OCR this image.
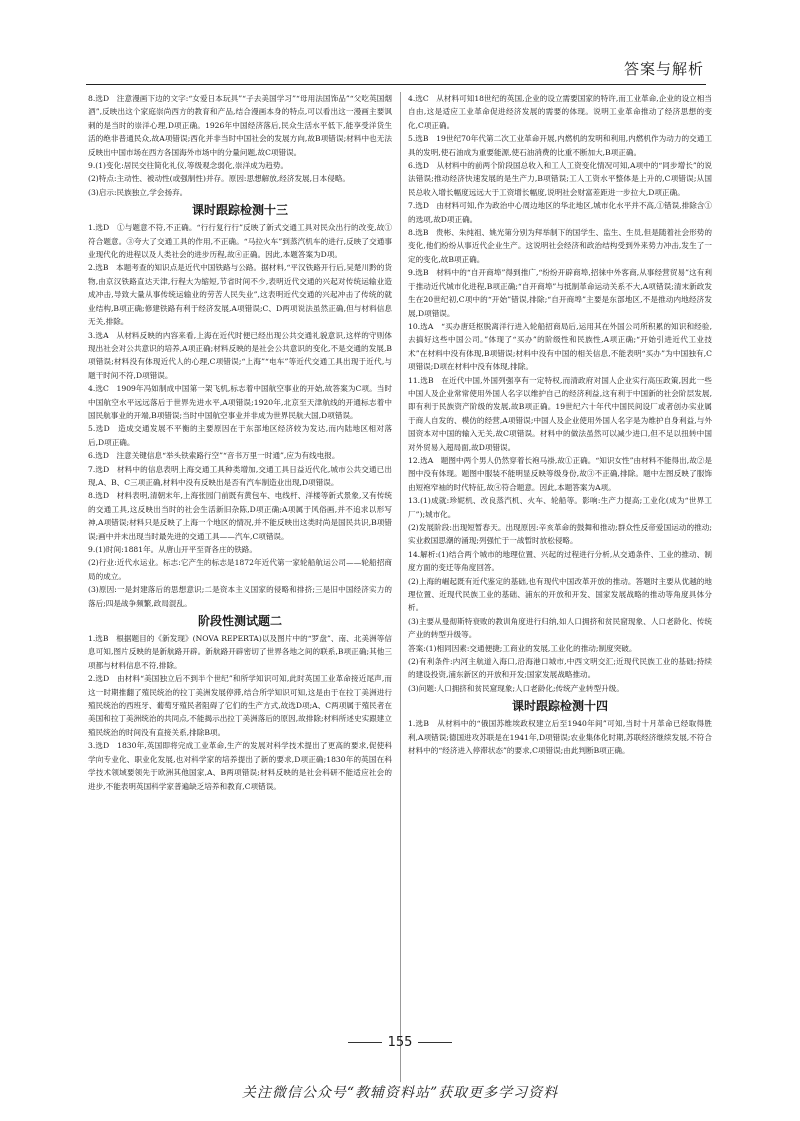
答案与解析

8.选D　注意漫画下边的文字:“女爱日本玩具”“子去美国学习”“母用法国饰品”“父吃英国烟酒”,反映出这个家庭崇尚西方的教育和产品,结合漫画本身的特点,可以看出这一漫画主要讽刺的是当时的崇洋心理,D项正确。1926年中国经济落后,民众生活水平低下,能享受洋货生活的绝非普通民众,故A项错误;西化并非当时中国社会的发展方向,故B项错误;材料中也无法反映出中国市场在西方各国海外市场中的分量问题,故C项错误。

9.(1)变化:居民交往简化礼仪,等级观念弱化,崇洋成为趋势。

(2)特点:主动性、被动性(或强制性)并存。原因:思想解放,经济发展,日本侵略。

(3)启示:民族独立,学会扬弃。

课时跟踪检测十三

1.选D　①与题意不符,不正确。“行行复行行”反映了新式交通工具对民众出行的改变,故①符合题意。③夸大了交通工具的作用,不正确。“马拉火车”到蒸汽机车的进行,反映了交通事业现代化的进程以及人类社会的进步历程,故④正确。因此,本题答案为D项。

2.选B　本题考查的知识点是近代中国铁路与公路。据材料,“平汉铁路开行后,吴楚川黔的货物,由京汉铁路直达天津,行程大为缩短,节省时间不少,表明近代交通的兴起对传统运输业造成冲击,导致大量从事传统运输业的劳苦人民失业”,这表明近代交通的兴起冲击了传统的就业结构,B项正确;修建铁路有利于经济发展,A项错误;C、D两项说法虽然正确,但与材料信息无关,排除。

3.选A　从材料反映的内容来看,上海在近代时便已经出现公共交通礼貌意识,这样的守则体现出社会对公共意识的培养,A项正确;材料反映的是社会公共意识的变化,不是交通的发展,B项错误;材料没有体现近代人的心理,C项错误;“上海”“电车”等近代交通工具出现于近代,与题干时间不符,D项错误。

4.选C　1909年冯如制成中国第一架飞机,标志着中国航空事业的开始,故答案为C项。当时中国航空水平远远落后于世界先进水平,A项错误;1920年,北京至天津航线的开通标志着中国民航事业的开端,B项错误;当时中国航空事业并非成为世界民航大国,D项错误。

5.选D　造成交通发展不平衡的主要原因在于东部地区经济较为发达,而内陆地区相对落后,D项正确。

6.选D　注意关键信息“举头铁索路行空”“音书万里一时通”,应为有线电报。

7.选D　材料中的信息表明上海交通工具种类增加,交通工具日益近代化,城市公共交通已出现,A、B、C三项正确,材料中没有反映出是否有汽车制造业出现,D项错误。

8.选D　材料表明,清朝末年,上海张园门前既有黄包车、电线杆、洋楼等新式景象,又有传统的交通工具,这反映出当时的社会生活新旧杂陈,D项正确;A项属于风俗画,并不追求以形写神,A项错误;材料只是反映了上海一个地区的情况,并不能反映出这类时尚是国民共识,B项错误;画中并未出现当时最先进的交通工具——汽车,C项错误。

9.(1)时间:1881年。从唐山开平至胥各庄的铁路。

(2)行业:近代水运业。标志:它产生的标志是1872年近代第一家轮船航运公司——轮船招商局的成立。

(3)原因:一是封建落后的思想意识;二是资本主义国家的侵略和排挤;三是旧中国经济实力的落后;四是战争频繁,政局混乱。

阶段性测试题二

1.选B　根据题目的《新发现》(NOVA REPERTA)以及图片中的“罗盘”、南、北美洲等信息可知,图片反映的是新航路开辟。新航路开辟密切了世界各地之间的联系,B项正确;其他三项都与材料信息不符,排除。

2.选D　由材料“美国独立后不到半个世纪”和所学知识可知,此时英国工业革命接近尾声,而这一时期推翻了殖民统治的拉丁美洲发展停滞,结合所学知识可知,这是由于在拉丁美洲进行殖民统治的西班牙、葡萄牙殖民者阻碍了它们的生产方式,故选D项;A、C两项属于殖民者在美国和拉丁美洲统治的共同点,不能揭示出拉丁美洲落后的原因,故排除;材料所述史实跟建立殖民统治的时间没有直接关系,排除B项。

3.选D　1830年,英国即将完成工业革命,生产的发展对科学技术提出了更高的要求,促使科学向专业化、职业化发展,也对科学家的培养提出了新的要求,D项正确;1830年的英国在科学技术领域要领先于欧洲其他国家,A、B两项错误;材料反映的是社会科研不能适应社会的进步,不能表明英国科学家普遍缺乏培养和教育,C项错误。

4.选C　从材料可知18世纪的英国,企业的设立需要国家的特许,而工业革命,企业的设立相当自由,这是适应工业革命促进经济发展的需要的体现。说明工业革命推动了经济思想的变化,C项正确。

5.选B　19世纪70年代第二次工业革命开展,内燃机的发明和利用,内燃机作为动力的交通工具的发明,使石油成为重要能源,使石油消费的比重不断加大,B项正确。

6.选D　从材料中的前两个阶段国总收入和工人工资变化情况可知,A项中的“同步增长”的说法错误;推动经济快速发展的是生产力,B项错误;工人工资水平整体是上升的,C项错误;从国民总收入增长幅度远远大于工资增长幅度,说明社会财富差距进一步拉大,D项正确。

7.选D　由材料可知,作为政治中心周边地区的华北地区,城市化水平并不高,①错误,排除含①的选项,故D项正确。

8.选B　贵彬、朱纯祖、姚光第分别为拜举制下的国学生、监生、生员,但是随着社会形势的变化,他们纷纷从事近代企业生产。这说明社会经济和政治结构受到外来势力冲击,发生了一定的变化,故B项正确。

9.选B　材料中的“自开商埠”得到推广,“纷纷开辟商埠,招徕中外客商,从事经营贸易”这有利于推动近代城市化进程,B项正确;“自开商埠”与抵制革命运动关系不大,A项错误;清末新政发生在20世纪初,C项中的“开始”错误,排除;“自开商埠”主要是东部地区,不是推动内地经济发展,D项错误。

10.选A　“买办唐廷枢脱离洋行进入轮船招商局后,运用其在外国公司所积累的知识和经验,去搞好这些中国公司。”体现了“买办”的阶级性和民族性,A项正确;“开始引进近代工业技术”在材料中没有体现,B项错误;材料中没有中国的相关信息,不能表明“买办”为中国独有,C项错误;D项在材料中没有体现,排除。

11.选B　在近代中国,外国列强享有一定特权,而清政府对国人企业实行高压政策,因此一些中国人及企业常常使用外国人名字以维护自己的经济利益,这有利于中国新的社会阶层发展,即有利于民族资产阶级的发展,故B项正确。19世纪六十年代中国民间设厂或者创办实业属于商人自发的、模仿的经营,A项错误;中国人及企业使用外国人名字是为维护自身利益,与外国资本对中国的输入无关,故C项错误。材料中的做法虽然可以减少进口,但不足以扭转中国对外贸易入超局面,故D项错误。

12.选A　题图中两个男人仍然穿着长袍马褂,故①正确。“知识女性”由材料不能得出,故②是图中没有体现。题图中服装不能明显反映等级身份,故③不正确,排除。题中左图反映了服饰由短袍窄袖的时代特征,故④符合题意。因此,本题答案为A项。

13.(1)成就:珍妮机、改良蒸汽机、火车、轮船等。影响:生产力提高;工业化(成为“世界工厂”);城市化。

(2)发展阶段:出现短暂春天。出现原因:辛亥革命的鼓舞和推动;群众性反帝爱国运动的推动;实业救国思潮的涌现;列强忙于一战暂时放松侵略。

14.解析:(1)结合两个城市的地理位置、兴起的过程进行分析,从交通条件、工业的推动、制度方面的变迁等角度回答。

(2)上海的崛起既有近代鉴定的基础,也有现代中国改革开放的推动。答题时主要从优越的地理位置、近现代民族工业的基础、浦东的开放和开发、国家发展战略的推动等角度具体分析。

(3)主要从曼彻斯特衰败的教训角度进行归纳,如人口拥挤和贫民窟现象、人口老龄化、传统产业的转型升级等。

答案:(1)相同因素:交通便捷;工商业的发展,工业化的推动;制度突破。

(2)有利条件:内河主航道入海口,沿海港口城市,中西文明交汇;近现代民族工业的基础;持续的建设投资,浦东新区的开放和开发;国家发展战略推动。

(3)问题:人口拥挤和贫民窟现象;人口老龄化;传统产业转型升级。

课时跟踪检测十四

1.选B　从材料中的“俄国苏维埃政权建立后至1940年间”可知,当时十月革命已经取得胜利,A项错误;德国进攻苏联是在1941年,D项错误;农业集体化时期,苏联经济继续发展,不符合材料中的“经济进入停滞状态”的要求,C项错误;由此判断B项正确。

155
关注微信公众号“教辅资料站”获取更多学习资料
